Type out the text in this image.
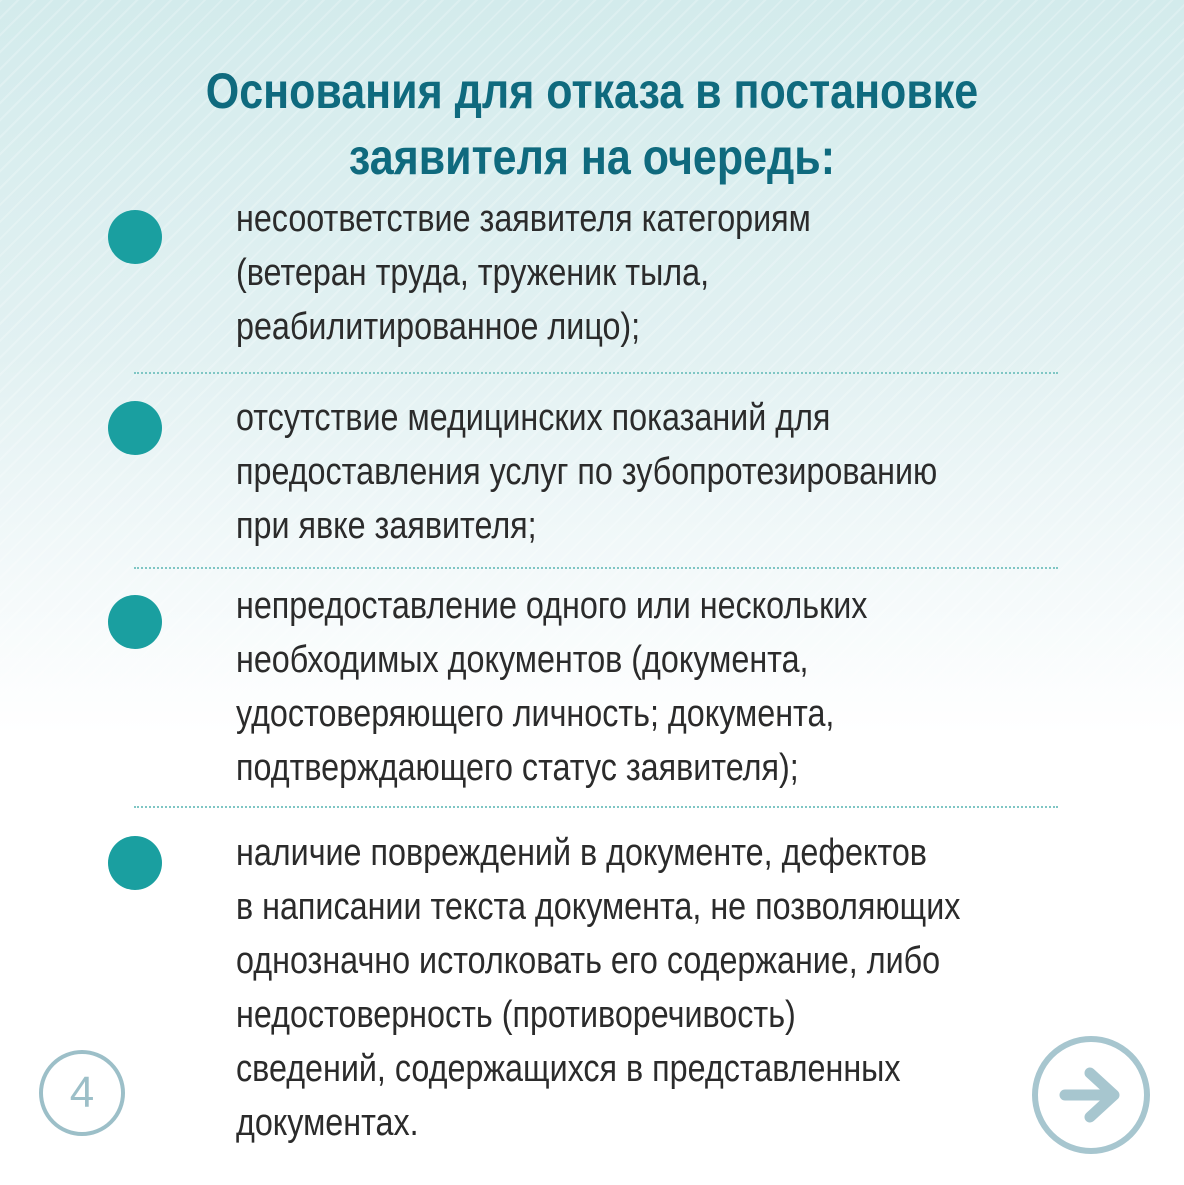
Основания для отказа в постановке
заявителя на очередь:

несоответствие заявителя категориям
(ветеран труда, труженик тыла,
реабилитированное лицо);

отсутствие медицинских показаний для
предоставления услуг по зубопротезированию
при явке заявителя;

непредоставление одного или нескольких
необходимых документов (документа,
удостоверяющего личность; документа,
подтверждающего статус заявителя);

наличие повреждений в документе, дефектов
в написании текста документа, не позволяющих
однозначно истолковать его содержание, либо
недостоверность (противоречивость)
сведений, содержащихся в представленных
документах.

4
